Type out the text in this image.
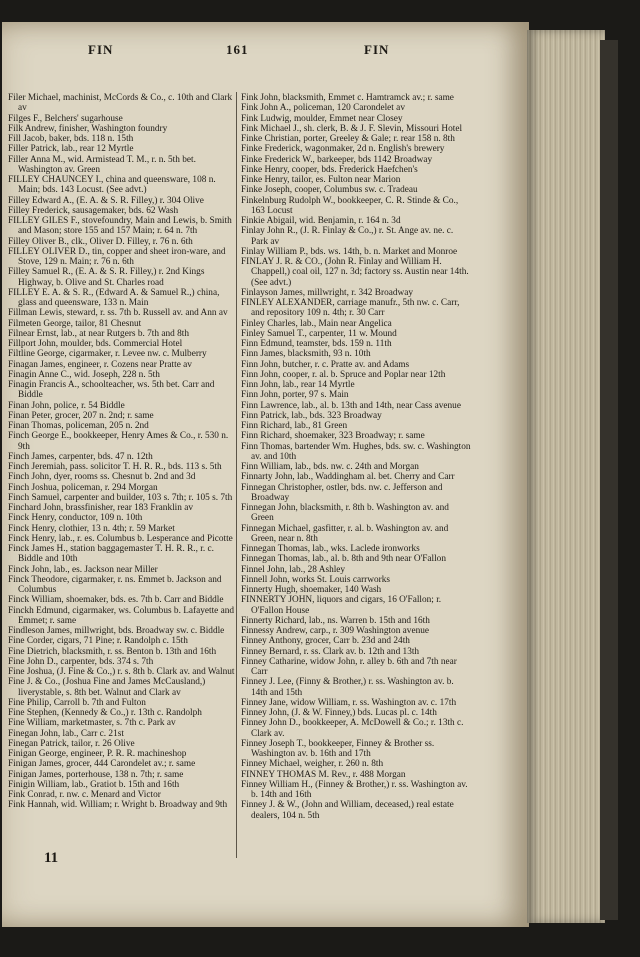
FIN	161	FIN
Filer Michael, machinist, McCords & Co., c. 10th and Clark av
Filges F., Belchers' sugarhouse
Filk Andrew, finisher, Washington foundry
Fill Jacob, baker, bds. 118 n. 15th
Filler Patrick, lab., rear 12 Myrtle
Filler Anna M., wid. Armistead T. M., r. n. 5th bet. Washington av. Green
FILLEY CHAUNCEY I., china and queensware, 108 n. Main; bds. 143 Locust. (See advt.)
Filley Edward A., (E. A. & S. R. Filley,) r. 304 Olive
Filley Frederick, sausagemaker, bds. 62 Wash
FILLEY GILES F., stovefoundry, Main and Lewis, b. Smith and Mason; store 155 and 157 Main; r. 64 n. 7th
Filley Oliver B., clk., Oliver D. Filley, r. 76 n. 6th
FILLEY OLIVER D., tin, copper and sheet iron-ware, and Stove, 129 n. Main; r. 76 n. 6th
Filley Samuel R., (E. A. & S. R. Filley,) r. 2nd Kings Highway, b. Olive and St. Charles road
FILLEY E. A. & S. R., (Edward A. & Samuel R.,) china, glass and queensware, 133 n. Main
Fillman Lewis, steward, r. ss. 7th b. Russell av. and Ann av
Filmeten George, tailor, 81 Chesnut
Filnear Ernst, lab., at near Rutgers b. 7th and 8th
Fillport John, moulder, bds. Commercial Hotel
Filtline George, cigarmaker, r. Levee nw. c. Mulberry
Finagan James, engineer, r. Cozens near Pratte av
Finagin Anne C., wid. Joseph, 228 n. 5th
Finagin Francis A., schoolteacher, ws. 5th bet. Carr and Biddle
Finan John, police, r. 54 Biddle
Finan Peter, grocer, 207 n. 2nd; r. same
Finan Thomas, policeman, 205 n. 2nd
Finch George E., bookkeeper, Henry Ames & Co., r. 530 n. 9th
Finch James, carpenter, bds. 47 n. 12th
Finch Jeremiah, pass. solicitor T. H. R. R., bds. 113 s. 5th
Finch John, dyer, rooms ss. Chesnut b. 2nd and 3d
Finch Joshua, policeman, r. 294 Morgan
Finch Samuel, carpenter and builder, 103 s. 7th; r. 105 s. 7th
Finchard John, brassfinisher, rear 183 Franklin av
Finck Henry, conductor, 109 n. 10th
Finck Henry, clothier, 13 n. 4th; r. 59 Market
Finck Henry, lab., r. es. Columbus b. Lesperance and Picotte
Finck James H., station baggagemaster T. H. R. R., r. c. Biddle and 10th
Finck John, lab., es. Jackson near Miller
Finck Theodore, cigarmaker, r. ns. Emmet b. Jackson and Columbus
Finck William, shoemaker, bds. es. 7th b. Carr and Biddle
Finckh Edmund, cigarmaker, ws. Columbus b. Lafayette and Emmet; r. same
Findleson James, millwright, bds. Broadway sw. c. Biddle
Fine Corder, cigars, 71 Pine; r. Randolph c. 15th
Fine Dietrich, blacksmith, r. ss. Benton b. 13th and 16th
Fine John D., carpenter, bds. 374 s. 7th
Fine Joshua, (J. Fine & Co.,) r. s. 8th b. Clark av. and Walnut
Fine J. & Co., (Joshua Fine and James McCausland,) liverystable, s. 8th bet. Walnut and Clark av
Fine Philip, Carroll b. 7th and Fulton
Fine Stephen, (Kennedy & Co.,) r. 13th c. Randolph
Fine William, marketmaster, s. 7th c. Park av
Finegan John, lab., Carr c. 21st
Finegan Patrick, tailor, r. 26 Olive
Finigan George, engineer, P. R. R. machineshop
Finigan James, grocer, 444 Carondelet av.; r. same
Finigan James, porterhouse, 138 n. 7th; r. same
Finigin William, lab., Gratiot b. 15th and 16th
Fink Conrad, r. nw. c. Menard and Victor
Fink Hannah, wid. William; r. Wright b. Broadway and 9th
Fink John, blacksmith, Emmet c. Hamtramck av.; r. same
Fink John A., policeman, 120 Carondelet av
Fink Ludwig, moulder, Emmet near Closey
Fink Michael J., sh. clerk, B. & J. F. Slevin, Missouri Hotel
Finke Christian, porter, Greeley & Gale; r. rear 158 n. 8th
Finke Frederick, wagonmaker, 2d n. English's brewery
Finke Frederick W., barkeeper, bds 1142 Broadway
Finke Henry, cooper, bds. Frederick Haefchen's
Finke Henry, tailor, es. Fulton near Marion
Finke Joseph, cooper, Columbus sw. c. Tradeau
Finkelnburg Rudolph W., bookkeeper, C. R. Stinde & Co., 163 Locust
Finkie Abigail, wid. Benjamin, r. 164 n. 3d
Finlay John R., (J. R. Finlay & Co.,) r. St. Ange av. ne. c. Park av
Finlay William P., bds. ws. 14th, b. n. Market and Monroe
FINLAY J. R. & CO., (John R. Finlay and William H. Chappell,) coal oil, 127 n. 3d; factory ss. Austin near 14th. (See advt.)
Finlayson James, millwright, r. 342 Broadway
FINLEY ALEXANDER, carriage manufr., 5th nw. c. Carr, and repository 109 n. 4th; r. 30 Carr
Finley Charles, lab., Main near Angelica
Finley Samuel T., carpenter, 11 w. Mound
Finn Edmund, teamster, bds. 159 n. 11th
Finn James, blacksmith, 93 n. 10th
Finn John, butcher, r. c. Pratte av. and Adams
Finn John, cooper, r. al. b. Spruce and Poplar near 12th
Finn John, lab., rear 14 Myrtle
Finn John, porter, 97 s. Main
Finn Lawrence, lab., al. b. 13th and 14th, near Cass avenue
Finn Patrick, lab., bds. 323 Broadway
Finn Richard, lab., 81 Green
Finn Richard, shoemaker, 323 Broadway; r. same
Finn Thomas, bartender Wm. Hughes, bds. sw. c. Washington av. and 10th
Finn William, lab., bds. nw. c. 24th and Morgan
Finnarty John, lab., Waddingham al. bet. Cherry and Carr
Finnegan Christopher, ostler, bds. nw. c. Jefferson and Broadway
Finnegan John, blacksmith, r. 8th b. Washington av. and Green
Finnegan Michael, gasfitter, r. al. b. Washington av. and Green, near n. 8th
Finnegan Thomas, lab., wks. Laclede ironworks
Finnegan Thomas, lab., al. b. 8th and 9th near O'Fallon
Finnel John, lab., 28 Ashley
Finnell John, works St. Louis carrworks
Finnerty Hugh, shoemaker, 140 Wash
FINNERTY JOHN, liquors and cigars, 16 O'Fallon; r. O'Fallon House
Finnerty Richard, lab., ns. Warren b. 15th and 16th
Finnessy Andrew, carp., r. 309 Washington avenue
Finney Anthony, grocer, Carr b. 23d and 24th
Finney Bernard, r. ss. Clark av. b. 12th and 13th
Finney Catharine, widow John, r. alley b. 6th and 7th near Carr
Finney J. Lee, (Finny & Brother,) r. ss. Washington av. b. 14th and 15th
Finney Jane, widow William, r. ss. Washington av. c. 17th
Finney John, (J. & W. Finney,) bds. Lucas pl. c. 14th
Finney John D., bookkeeper, A. McDowell & Co.; r. 13th c. Clark av.
Finney Joseph T., bookkeeper, Finney & Brother ss. Washington av. b. 16th and 17th
Finney Michael, weigher, r. 260 n. 8th
FINNEY THOMAS M. Rev., r. 488 Morgan
Finney William H., (Finney & Brother,) r. ss. Washington av. b. 14th and 16th
Finney J. & W., (John and William, deceased,) real estate dealers, 104 n. 5th
11
